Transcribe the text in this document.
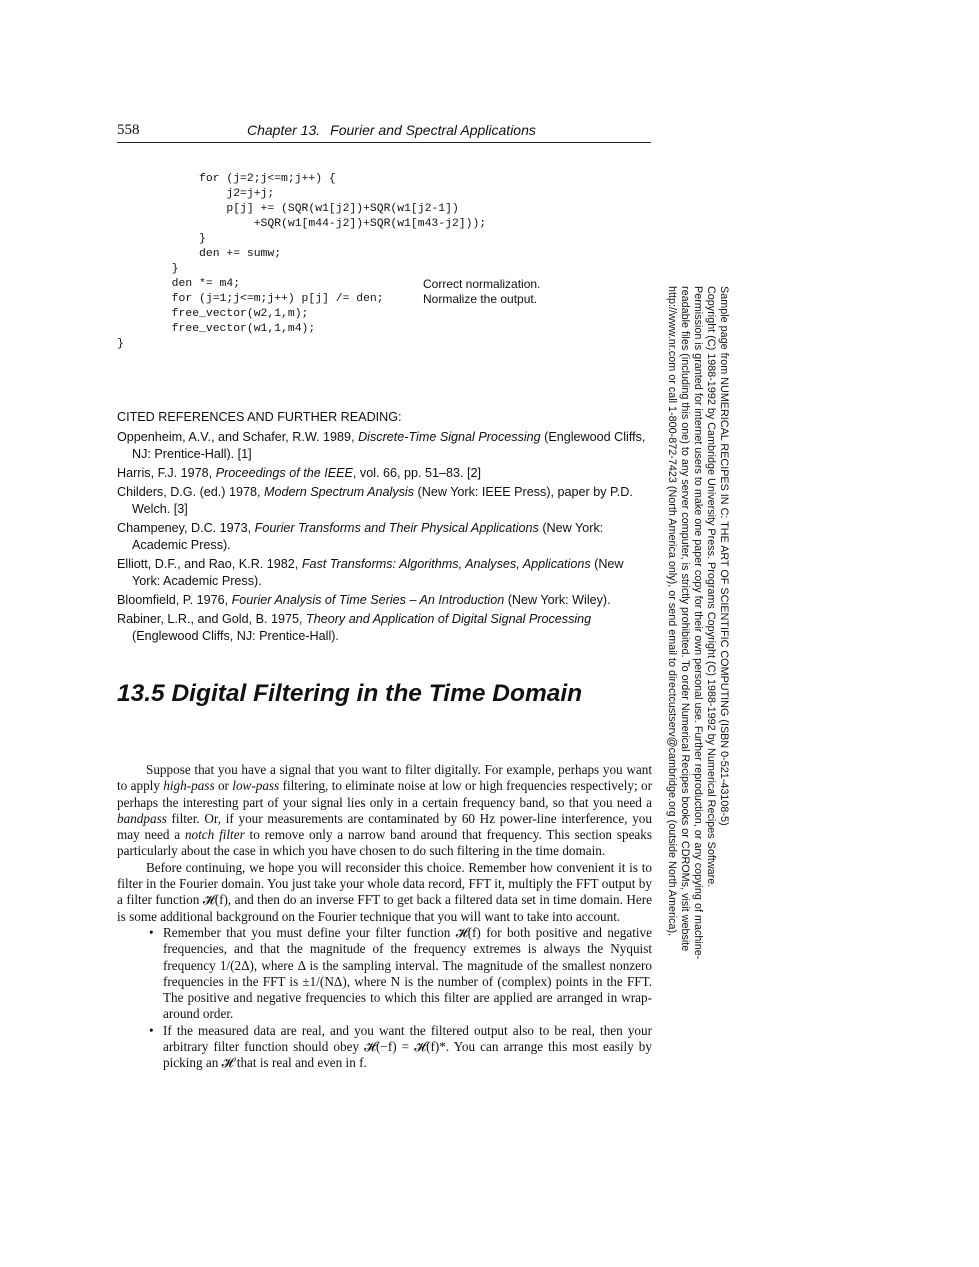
558	Chapter 13. Fourier and Spectral Applications
for (j=2;j<=m;j++) {
j2=j+j;
p[j] += (SQR(w1[j2])+SQR(w1[j2-1])
+SQR(w1[m44-j2])+SQR(w1[m43-j2]));
}
den += sumw;
}
den *= m4;
for (j=1;j<=m;j++) p[j] /= den;
free_vector(w2,1,m);
free_vector(w1,1,m4);
}
Correct normalization.
Normalize the output.
CITED REFERENCES AND FURTHER READING:
Oppenheim, A.V., and Schafer, R.W. 1989, Discrete-Time Signal Processing (Englewood Cliffs, NJ: Prentice-Hall). [1]
Harris, F.J. 1978, Proceedings of the IEEE, vol. 66, pp. 51–83. [2]
Childers, D.G. (ed.) 1978, Modern Spectrum Analysis (New York: IEEE Press), paper by P.D. Welch. [3]
Champeney, D.C. 1973, Fourier Transforms and Their Physical Applications (New York: Academic Press).
Elliott, D.F., and Rao, K.R. 1982, Fast Transforms: Algorithms, Analyses, Applications (New York: Academic Press).
Bloomfield, P. 1976, Fourier Analysis of Time Series – An Introduction (New York: Wiley).
Rabiner, L.R., and Gold, B. 1975, Theory and Application of Digital Signal Processing (Englewood Cliffs, NJ: Prentice-Hall).
13.5 Digital Filtering in the Time Domain

Suppose that you have a signal that you want to filter digitally. For example, perhaps you want to apply high-pass or low-pass filtering, to eliminate noise at low or high frequencies respectively; or perhaps the interesting part of your signal lies only in a certain frequency band, so that you need a bandpass filter. Or, if your measurements are contaminated by 60 Hz power-line interference, you may need a notch filter to remove only a narrow band around that frequency. This section speaks particularly about the case in which you have chosen to do such filtering in the time domain.

Before continuing, we hope you will reconsider this choice. Remember how convenient it is to filter in the Fourier domain. You just take your whole data record, FFT it, multiply the FFT output by a filter function 𝓗(f), and then do an inverse FFT to get back a filtered data set in time domain. Here is some additional background on the Fourier technique that you will want to take into account.

• Remember that you must define your filter function 𝓗(f) for both positive and negative frequencies, and that the magnitude of the frequency extremes is always the Nyquist frequency 1/(2Δ), where Δ is the sampling interval. The magnitude of the smallest nonzero frequencies in the FFT is ±1/(NΔ), where N is the number of (complex) points in the FFT. The positive and negative frequencies to which this filter are applied are arranged in wrap-around order.
• If the measured data are real, and you want the filtered output also to be real, then your arbitrary filter function should obey 𝓗(−f) = 𝓗(f)*. You can arrange this most easily by picking an 𝓗 that is real and even in f.
Sample page from NUMERICAL RECIPES IN C: THE ART OF SCIENTIFIC COMPUTING (ISBN 0-521-43108-5)
Copyright (C) 1988-1992 by Cambridge University Press. Programs Copyright (C) 1988-1992 by Numerical Recipes Software.
Permission is granted for internet users to make one paper copy for their own personal use. Further reproduction, or any copying of machine-
readable files (including this one) to any server computer, is strictly prohibited. To order Numerical Recipes books or CDROMs, visit website
http://www.nr.com or call 1-800-872-7423 (North America only), or send email to directcustserv@cambridge.org (outside North America).
